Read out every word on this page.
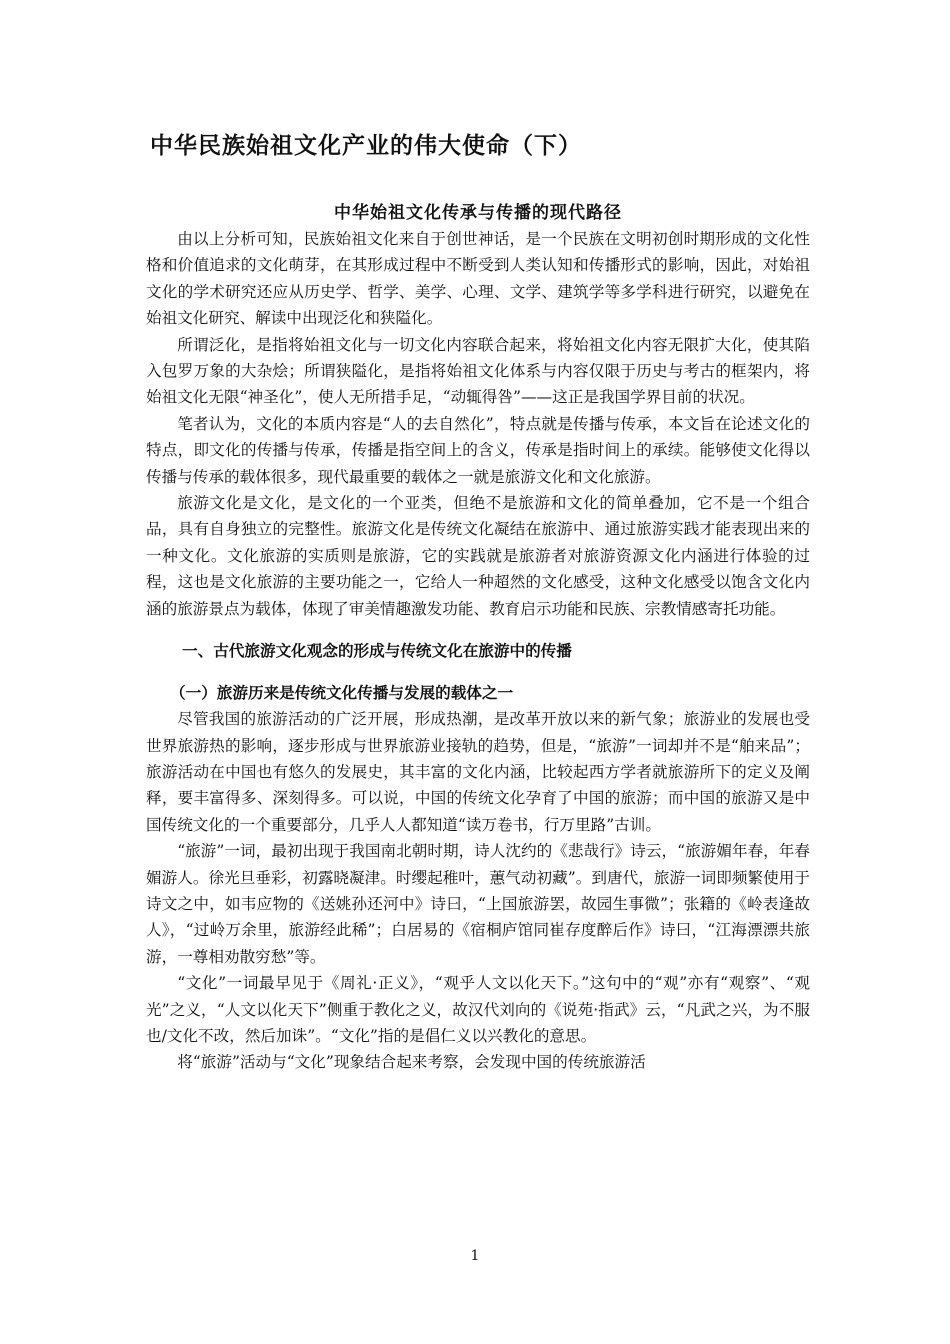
中华民族始祖文化产业的伟大使命（下）
中华始祖文化传承与传播的现代路径

由以上分析可知，民族始祖文化来自于创世神话，是一个民族在文明初创时期形成的文化性格和价值追求的文化萌芽，在其形成过程中不断受到人类认知和传播形式的影响，因此，对始祖文化的学术研究还应从历史学、哲学、美学、心理、文学、建筑学等多学科进行研究，以避免在始祖文化研究、解读中出现泛化和狭隘化。

所谓泛化，是指将始祖文化与一切文化内容联合起来，将始祖文化内容无限扩大化，使其陷入包罗万象的大杂烩；所谓狭隘化，是指将始祖文化体系与内容仅限于历史与考古的框架内，将始祖文化无限“神圣化”，使人无所措手足，“动辄得咎”——这正是我国学界目前的状况。

笔者认为，文化的本质内容是“人的去自然化”，特点就是传播与传承，本文旨在论述文化的特点，即文化的传播与传承，传播是指空间上的含义，传承是指时间上的承续。能够使文化得以传播与传承的载体很多，现代最重要的载体之一就是旅游文化和文化旅游。

旅游文化是文化，是文化的一个亚类，但绝不是旅游和文化的简单叠加，它不是一个组合品，具有自身独立的完整性。旅游文化是传统文化凝结在旅游中、通过旅游实践才能表现出来的一种文化。文化旅游的实质则是旅游，它的实践就是旅游者对旅游资源文化内涵进行体验的过程，这也是文化旅游的主要功能之一，它给人一种超然的文化感受，这种文化感受以饱含文化内涵的旅游景点为载体，体现了审美情趣激发功能、教育启示功能和民族、宗教情感寄托功能。

一、古代旅游文化观念的形成与传统文化在旅游中的传播
（一）旅游历来是传统文化传播与发展的载体之一

尽管我国的旅游活动的广泛开展，形成热潮，是改革开放以来的新气象；旅游业的发展也受世界旅游热的影响，逐步形成与世界旅游业接轨的趋势，但是，“旅游”一词却并不是“舶来品”；旅游活动在中国也有悠久的发展史，其丰富的文化内涵，比较起西方学者就旅游所下的定义及阐释，要丰富得多、深刻得多。可以说，中国的传统文化孕育了中国的旅游；而中国的旅游又是中国传统文化的一个重要部分，几乎人人都知道“读万卷书，行万里路”古训。

“旅游”一词，最初出现于我国南北朝时期，诗人沈约的《悲哉行》诗云，“旅游媚年春，年春媚游人。徐光旦垂彩，初露晓凝津。时缨起稚叶，蕙气动初藏”。到唐代，旅游一词即频繁使用于诗文之中，如韦应物的《送姚孙还河中》诗曰，“上国旅游罢，故园生事微”；张籍的《岭表逢故人》，“过岭万余里，旅游经此稀”；白居易的《宿桐庐馆同崔存度醉后作》诗曰，“江海漂漂共旅游，一尊相劝散穷愁”等。

“文化”一词最早见于《周礼·正义》，“观乎人文以化天下。”这句中的“观”亦有“观察”、“观光”之义，“人文以化天下”侧重于教化之义，故汉代刘向的《说苑·指武》云，“凡武之兴，为不服也/文化不改，然后加诛”。“文化”指的是倡仁义以兴教化的意思。

将“旅游”活动与“文化”现象结合起来考察，会发现中国的传统旅游活

1
